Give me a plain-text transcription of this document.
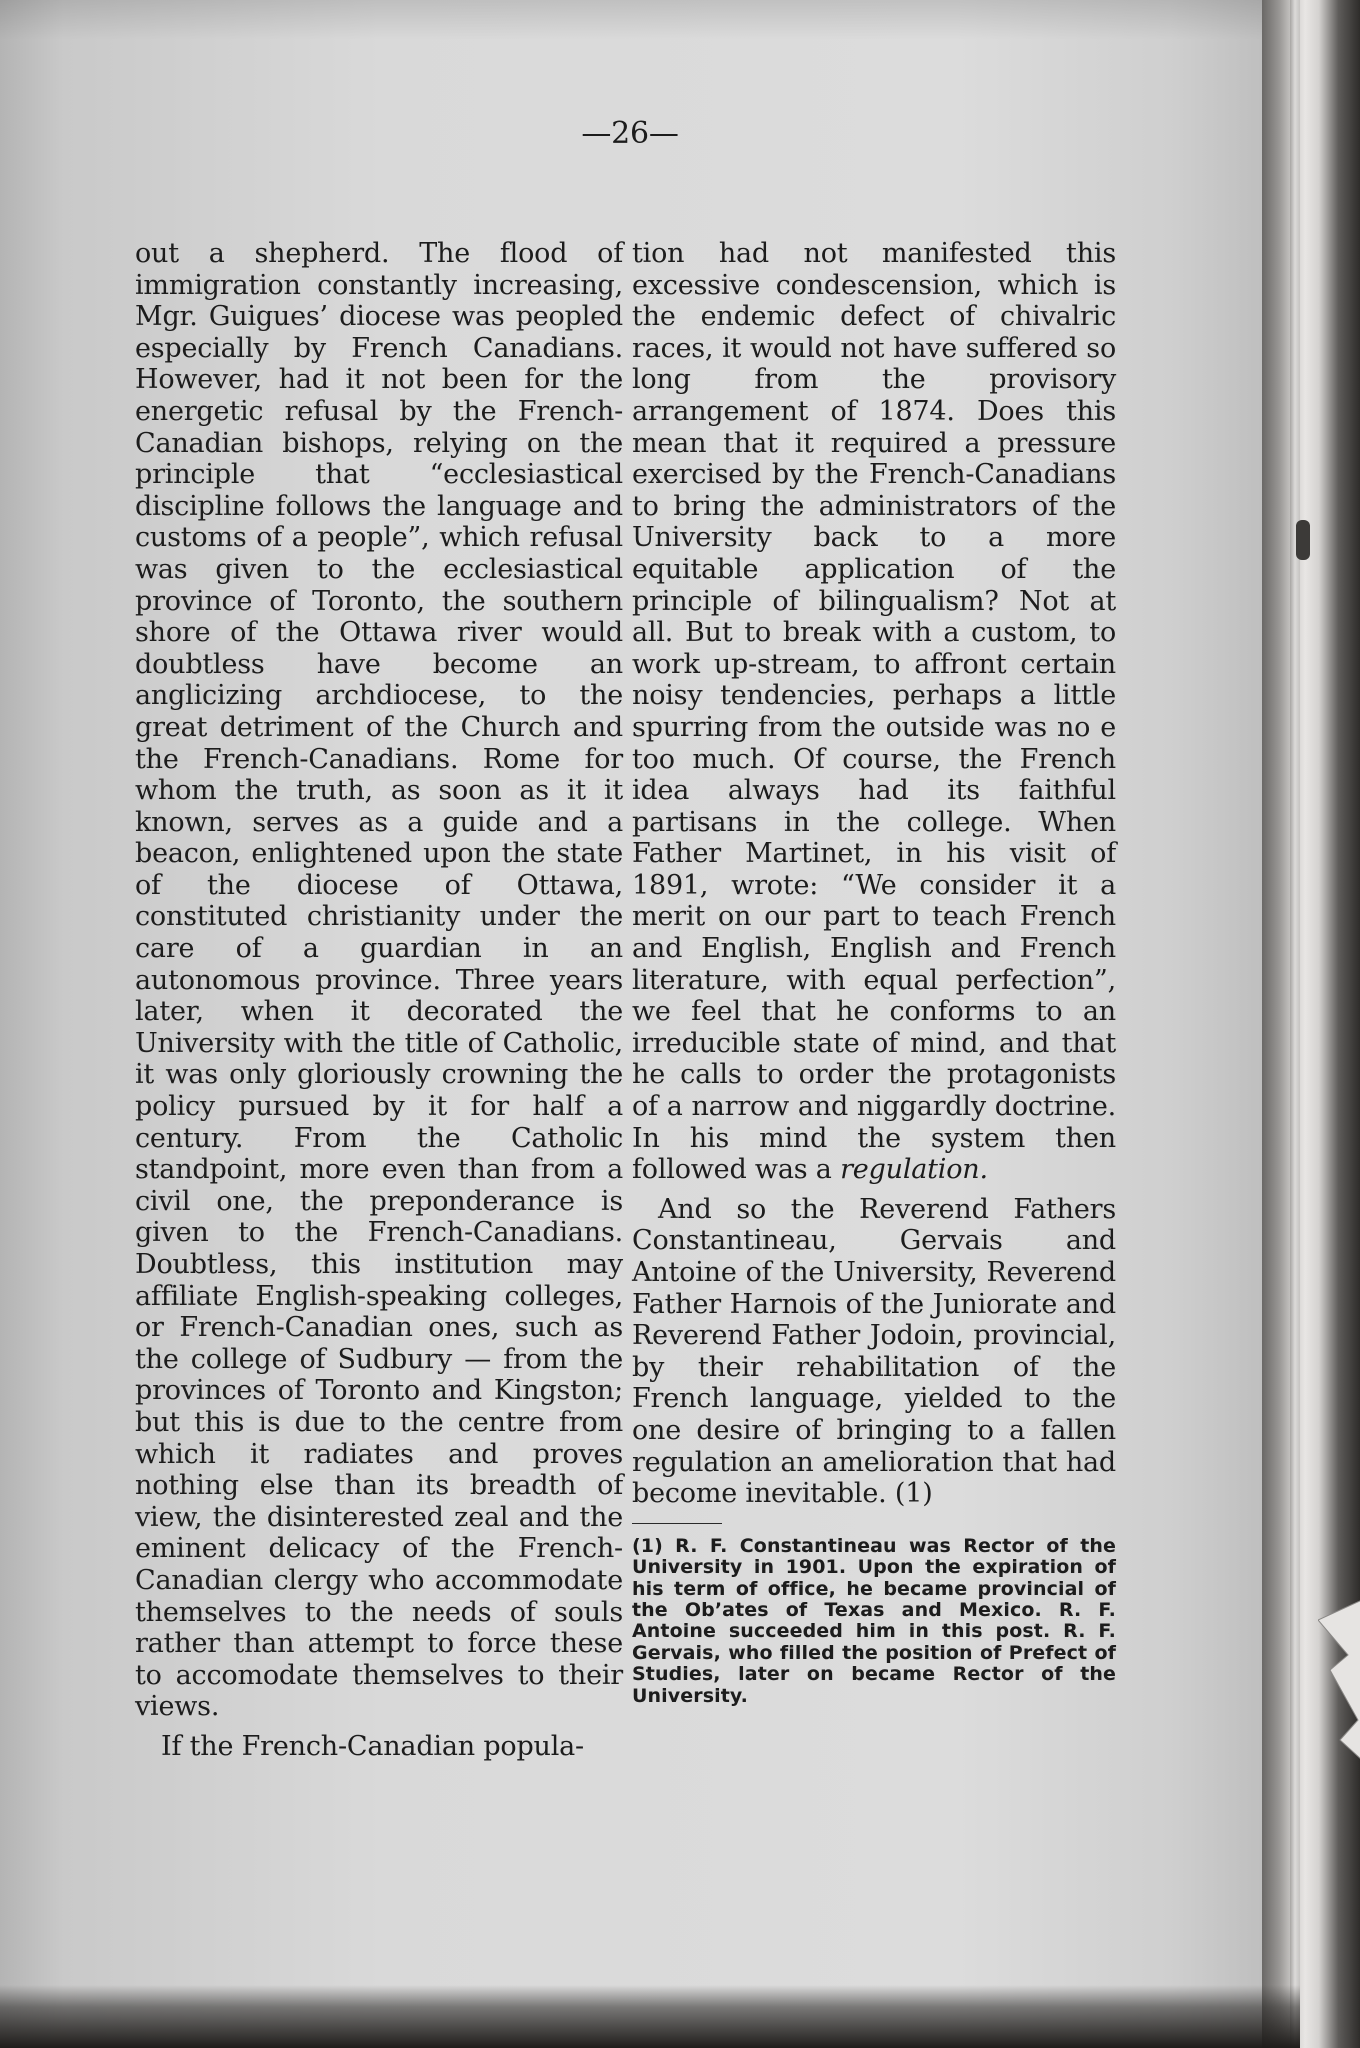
—26—

out a shepherd. The flood of immigration constantly increasing, Mgr. Guigues’ diocese was peopled especially by French Canadians. However, had it not been for the energetic refusal by the French-Canadian bishops, relying on the principle that “ecclesiastical discipline follows the language and customs of a people”, which refusal was given to the ecclesiastical province of Toronto, the southern shore of the Ottawa river would doubtless have become an anglicizing archdiocese, to the great detriment of the Church and the French-Canadians. Rome for whom the truth, as soon as it it known, serves as a guide and a beacon, enlightened upon the state of the diocese of Ottawa, constituted christianity under the care of a guardian in an autonomous province. Three years later, when it decorated the University with the title of Catholic, it was only gloriously crowning the policy pursued by it for half a century. From the Catholic standpoint, more even than from a civil one, the preponderance is given to the French-Canadians. Doubtless, this institution may affiliate English-speaking colleges, or French-Canadian ones, such as the college of Sudbury — from the provinces of Toronto and Kingston; but this is due to the centre from which it radiates and proves nothing else than its breadth of view, the disinterested zeal and the eminent delicacy of the French-Canadian clergy who accommodate themselves to the needs of souls rather than attempt to force these to accomodate themselves to their views.

If the French-Canadian popula-

tion had not manifested this excessive condescension, which is the endemic defect of chivalric races, it would not have suffered so long from the provisory arrangement of 1874. Does this mean that it required a pressure exercised by the French-Canadians to bring the administrators of the University back to a more equitable application of the principle of bilingualism? Not at all. But to break with a custom, to work up-stream, to affront certain noisy tendencies, perhaps a little spurring from the outside was no e too much. Of course, the French idea always had its faithful partisans in the college. When Father Martinet, in his visit of 1891, wrote: “We consider it a merit on our part to teach French and English, English and French literature, with equal perfection”, we feel that he conforms to an irreducible state of mind, and that he calls to order the protagonists of a narrow and niggardly doctrine. In his mind the system then followed was a regulation.

And so the Reverend Fathers Constantineau, Gervais and Antoine of the University, Reverend Father Harnois of the Juniorate and Reverend Father Jodoin, provincial, by their rehabilitation of the French language, yielded to the one desire of bringing to a fallen regulation an amelioration that had become inevitable. (1)

(1) R. F. Constantineau was Rector of the University in 1901. Upon the expiration of his term of office, he became provincial of the Ob’ates of Texas and Mexico. R. F. Antoine succeeded him in this post. R. F. Gervais, who filled the position of Prefect of Studies, later on became Rector of the University.
